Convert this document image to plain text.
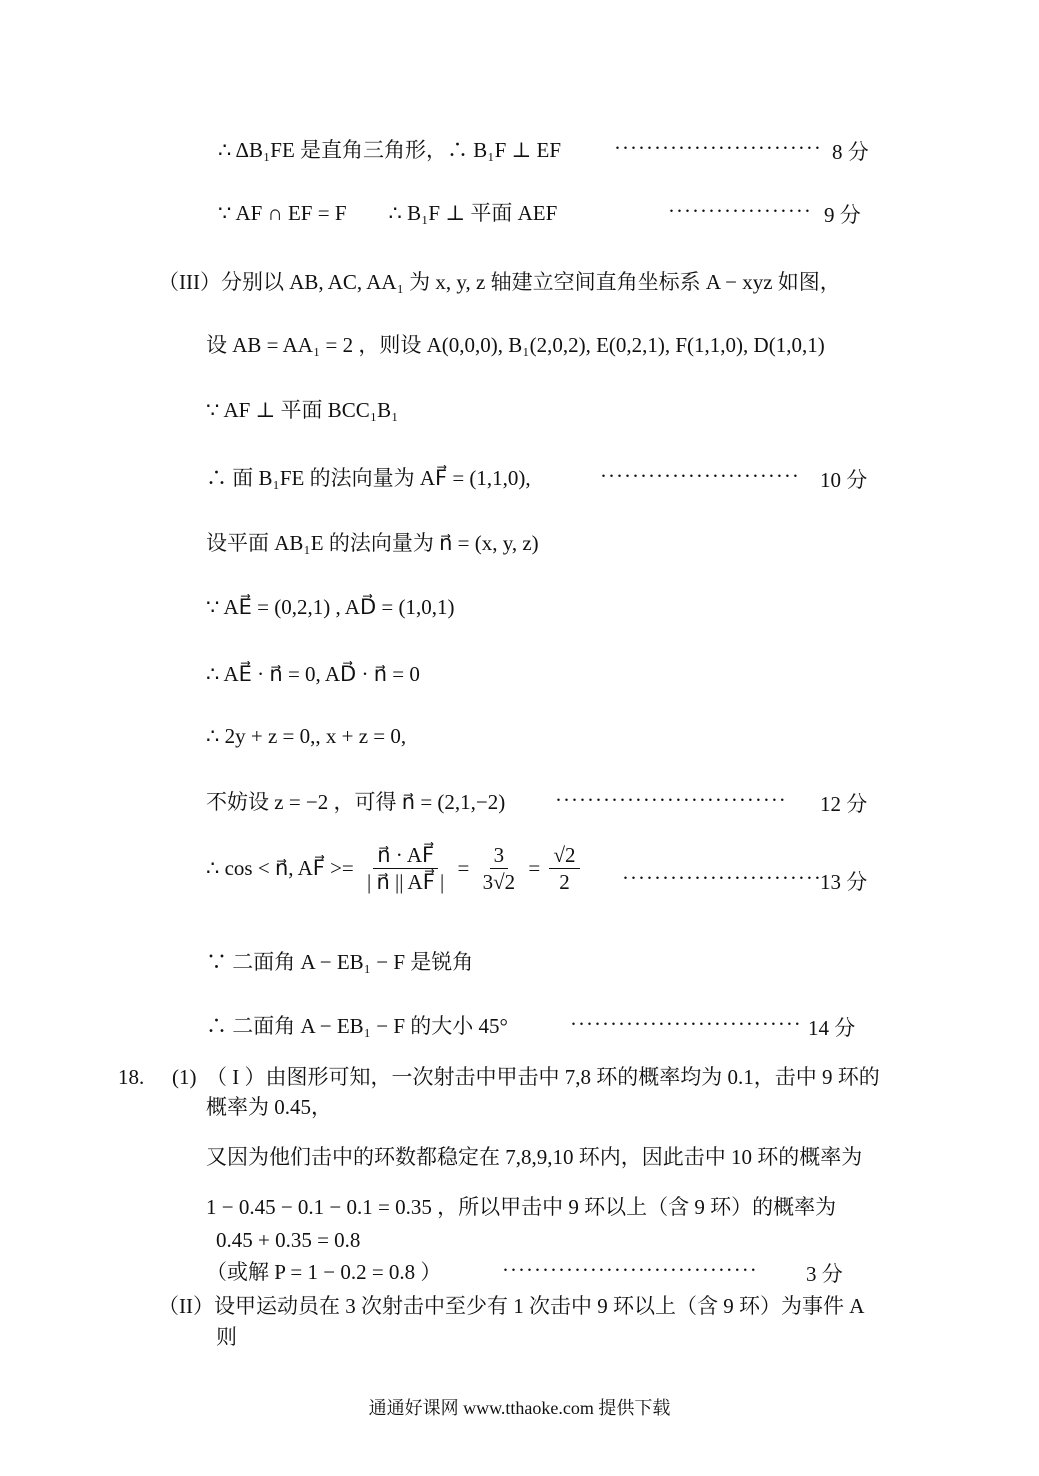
∴ ΔB₁FE 是直角三角形，∴ B₁F ⊥ EF	·························· 8 分
∵ AF ∩ EF = F　　∴ B₁F ⊥ 平面 AEF	·················· 9 分
（III）分别以 AB, AC, AA₁ 为 x, y, z 轴建立空间直角坐标系 A − xyz 如图，
设 AB = AA₁ = 2 ，则设 A(0,0,0), B₁(2,0,2), E(0,2,1), F(1,1,0), D(1,0,1)
∵ AF ⊥ 平面 BCC₁B₁
∴ 面 B₁FE 的法向量为 AF⃗ = (1,1,0),	························· 10 分
设平面 AB₁E 的法向量为 n⃗ = (x, y, z)
∵ AE⃗ = (0,2,1) , AD⃗ = (1,0,1)
∴ AE⃗ · n⃗ = 0, AD⃗ · n⃗ = 0
∴ 2y + z = 0,, x + z = 0,
不妨设 z = −2 ，可得 n⃗ = (2,1,−2) ····························· 12 分
∴ cos < n⃗, AF⃗ >= $\frac{n⃗ \cdot AF⃗}{| n⃗ || AF⃗ |} = \frac{3}{3√2} = \frac{√2}{2}$ ·························
13 分
∵ 二面角 A − EB₁ − F 是锐角
∴ 二面角 A − EB₁ − F 的大小 45°	····························· 14 分
18. (1) （ I ）由图形可知，一次射击中甲击中 7,8 环的概率均为 0.1，击中 9 环的
概率为 0.45，
又因为他们击中的环数都稳定在 7,8,9,10 环内，因此击中 10 环的概率为
1 − 0.45 − 0.1 − 0.1 = 0.35 ，所以甲击中 9 环以上（含 9 环）的概率为
0.45 + 0.35 = 0.8
（或解 P = 1 − 0.2 = 0.8 ）	································ 3 分
（II）设甲运动员在 3 次射击中至少有 1 次击中 9 环以上（含 9 环）为事件 A
则
通通好课网 www.tthaoke.com 提供下载
